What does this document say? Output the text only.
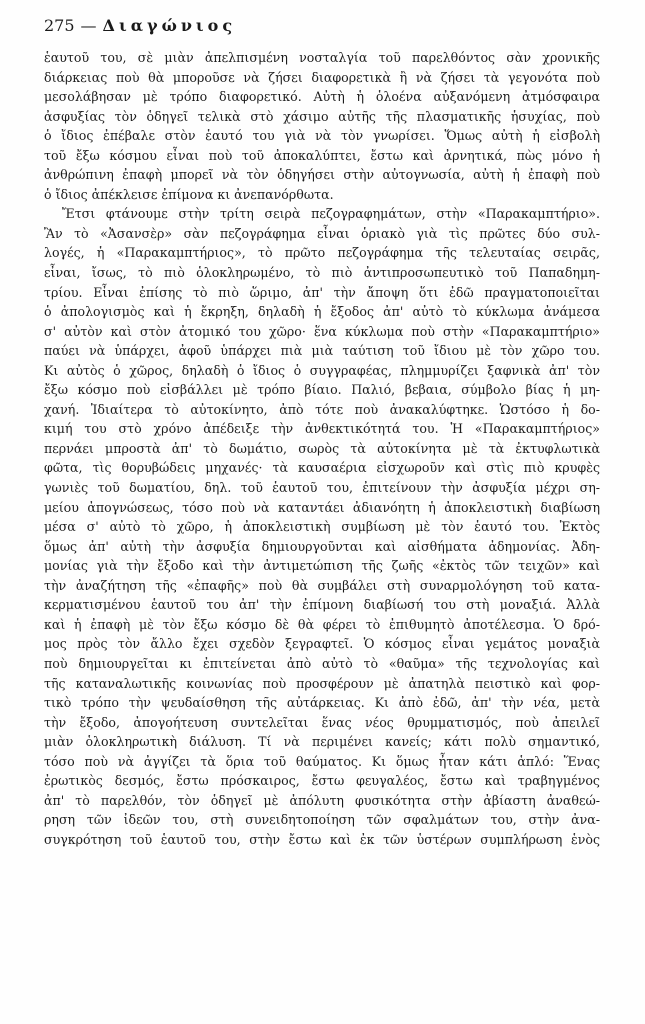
275 — Διαγώνιος
ἑαυτοῦ του, σὲ μιὰν ἀπελπισμένη νοσταλγία τοῦ παρελθόντος σὰν χρονικῆς
διάρκειας ποὺ θὰ μποροῦσε νὰ ζήσει διαφορετικὰ ἢ νὰ ζήσει τὰ γεγονότα ποὺ
μεσολάβησαν μὲ τρόπο διαφορετικό. Αὐτὴ ἡ ὁλοένα αὐξανόμενη ἀτμόσφαιρα
ἀσφυξίας τὸν ὁδηγεῖ τελικὰ στὸ χάσιμο αὐτῆς τῆς πλασματικῆς ἡσυχίας, ποὺ
ὁ ἴδιος ἐπέβαλε στὸν ἑαυτό του γιὰ νὰ τὸν γνωρίσει. Ὅμως αὐτὴ ἡ εἰσβολὴ
τοῦ ἔξω κόσμου εἶναι ποὺ τοῦ ἀποκαλύπτει, ἔστω καὶ ἀρνητικά, πὼς μόνο ἡ
ἀνθρώπινη ἐπαφὴ μπορεῖ νὰ τὸν ὁδηγήσει στὴν αὐτογνωσία, αὐτὴ ἡ ἐπαφὴ ποὺ
ὁ ἴδιος ἀπέκλεισε ἐπίμονα κι ἀνεπανόρθωτα.
Ἔτσι φτάνουμε στὴν τρίτη σειρὰ πεζογραφημάτων, στὴν «Παρακαμπτήριο».
Ἂν τὸ «Ἀσανσὲρ» σὰν πεζογράφημα εἶναι ὁριακὸ γιὰ τὶς πρῶτες δύο συλ-
λογές, ἡ «Παρακαμπτήριος», τὸ πρῶτο πεζογράφημα τῆς τελευταίας σειρᾶς,
εἶναι, ἴσως, τὸ πιὸ ὁλοκληρωμένο, τὸ πιὸ ἀντιπροσωπευτικὸ τοῦ Παπαδημη-
τρίου. Εἶναι ἐπίσης τὸ πιὸ ὥριμο, ἀπ' τὴν ἄποψη ὅτι ἐδῶ πραγματοποιεῖται
ὁ ἀπολογισμὸς καὶ ἡ ἔκρηξη, δηλαδὴ ἡ ἔξοδος ἀπ' αὐτὸ τὸ κύκλωμα ἀνάμεσα
σ' αὐτὸν καὶ στὸν ἀτομικό του χῶρο· ἕνα κύκλωμα ποὺ στὴν «Παρακαμπτήριο»
παύει νὰ ὑπάρχει, ἀφοῦ ὑπάρχει πιὰ μιὰ ταύτιση τοῦ ἴδιου μὲ τὸν χῶρο του.
Κι αὐτὸς ὁ χῶρος, δηλαδὴ ὁ ἴδιος ὁ συγγραφέας, πλημμυρίζει ξαφνικὰ ἀπ' τὸν
ἔξω κόσμο ποὺ εἰσβάλλει μὲ τρόπο βίαιο. Παλιό, βεβαια, σύμβολο βίας ἡ μη-
χανή. Ἰδιαίτερα τὸ αὐτοκίνητο, ἀπὸ τότε ποὺ ἀνακαλύφτηκε. Ὡστόσο ἡ δο-
κιμή του στὸ χρόνο ἀπέδειξε τὴν ἀνθεκτικότητά του. Ἡ «Παρακαμπτήριος»
περνάει μπροστὰ ἀπ' τὸ δωμάτιο, σωρὸς τὰ αὐτοκίνητα μὲ τὰ ἐκτυφλωτικὰ
φῶτα, τὶς θορυβώδεις μηχανές· τὰ καυσαέρια εἰσχωροῦν καὶ στὶς πιὸ κρυφὲς
γωνιὲς τοῦ δωματίου, δηλ. τοῦ ἑαυτοῦ του, ἐπιτείνουν τὴν ἀσφυξία μέχρι ση-
μείου ἀπογνώσεως, τόσο ποὺ νὰ καταντάει ἀδιανόητη ἡ ἀποκλειστικὴ διαβίωση
μέσα σ' αὐτὸ τὸ χῶρο, ἡ ἀποκλειστικὴ συμβίωση μὲ τὸν ἑαυτό του. Ἐκτὸς
ὅμως ἀπ' αὐτὴ τὴν ἀσφυξία δημιουργοῦνται καὶ αἰσθήματα ἀδημονίας. Ἀδη-
μονίας γιὰ τὴν ἔξοδο καὶ τὴν ἀντιμετώπιση τῆς ζωῆς «ἐκτὸς τῶν τειχῶν» καὶ
τὴν ἀναζήτηση τῆς «ἐπαφῆς» ποὺ θὰ συμβάλει στὴ συναρμολόγηση τοῦ κατα-
κερματισμένου ἑαυτοῦ του ἀπ' τὴν ἐπίμονη διαβίωσή του στὴ μοναξιά. Ἀλλὰ
καὶ ἡ ἐπαφὴ μὲ τὸν ἔξω κόσμο δὲ θὰ φέρει τὸ ἐπιθυμητὸ ἀποτέλεσμα. Ὁ δρό-
μος πρὸς τὸν ἄλλο ἔχει σχεδὸν ξεγραφτεῖ. Ὁ κόσμος εἶναι γεμάτος μοναξιὰ
ποὺ δημιουργεῖται κι ἐπιτείνεται ἀπὸ αὐτὸ τὸ «θαῦμα» τῆς τεχνολογίας καὶ
τῆς καταναλωτικῆς κοινωνίας ποὺ προσφέρουν μὲ ἀπατηλὰ πειστικὸ καὶ φορ-
τικὸ τρόπο τὴν ψευδαίσθηση τῆς αὐτάρκειας. Κι ἀπὸ ἐδῶ, ἀπ' τὴν νέα, μετὰ
τὴν ἔξοδο, ἀπογοήτευση συντελεῖται ἕνας νέος θρυμματισμός, ποὺ ἀπειλεῖ
μιὰν ὁλοκληρωτικὴ διάλυση. Τί νὰ περιμένει κανείς; κάτι πολὺ σημαντικό,
τόσο ποὺ νὰ ἀγγίζει τὰ ὅρια τοῦ θαύματος. Κι ὅμως ἦταν κάτι ἁπλό: Ἕνας
ἐρωτικὸς δεσμός, ἔστω πρόσκαιρος, ἔστω φευγαλέος, ἔστω καὶ τραβηγμένος
ἀπ' τὸ παρελθόν, τὸν ὁδηγεῖ μὲ ἀπόλυτη φυσικότητα στὴν ἀβίαστη ἀναθεώ-
ρηση τῶν ἰδεῶν του, στὴ συνειδητοποίηση τῶν σφαλμάτων του, στὴν ἀνα-
συγκρότηση τοῦ ἑαυτοῦ του, στὴν ἔστω καὶ ἐκ τῶν ὑστέρων συμπλήρωση ἑνὸς
